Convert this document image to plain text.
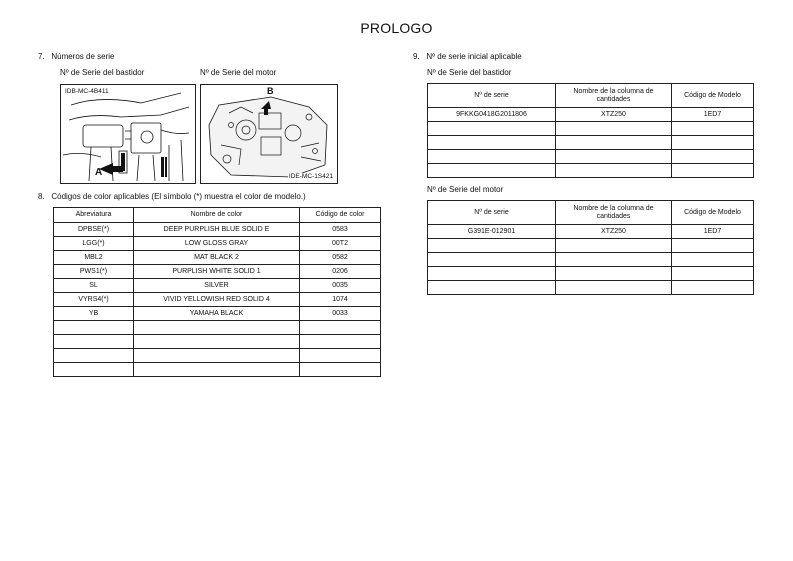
PROLOGO
7. Números de serie
Nº de Serie del bastidor	Nº de Serie del motor
IDB-MC-4B411
A
B
IDE-MC-1S421
8. Códigos de color aplicables (El símbolo (*) muestra el color de modelo.)
Abreviatura	Nombre de color	Código de color
DPBSE(*)	DEEP PURPLISH BLUE SOLID E	0583
LGG(*)	LOW GLOSS GRAY	00T2
MBL2	MAT BLACK 2	0582
PWS1(*)	PURPLISH WHITE SOLID 1	0206
SL	SILVER	0035
VYRS4(*)	VIVID YELLOWISH RED SOLID 4	1074
YB	YAMAHA BLACK	0033

9. Nº de serie inicial aplicable
Nº de Serie del bastidor
Nº de serie	Nombre de la columna de cantidades	Código de Modelo
9FKKG0418G2011806	XTZ250	1ED7

Nº de Serie del motor
Nº de serie	Nombre de la columna de cantidades	Código de Modelo
G391E-012901	XTZ250	1ED7
